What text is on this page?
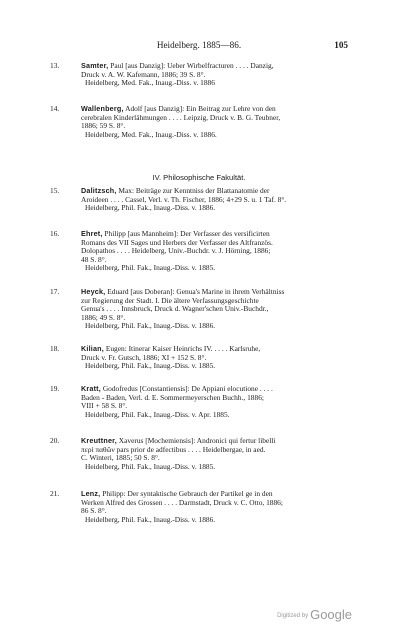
Heidelberg. 1885—86.	105
13.	Samter, Paul [aus Danzig]: Ueber Wirbelfracturen . . . . Danzig,
Druck v. A. W. Kafemann, 1886; 39 S. 8°.
Heidelberg, Med. Fak., Inaug.-Diss. v. 1886
14.	Wallenberg, Adolf [aus Danzig]: Ein Beitrag zur Lehre von den
cerebralen Kinderlähmungen . . . . Leipzig, Druck v. B. G. Teubner,
1886; 59 S. 8°.
Heidelberg, Med. Fak., Inaug.-Diss. v. 1886.
IV. Philosophische Fakultät.
15.	Dalitzsch, Max: Beiträge zur Kenntniss der Blattanatomie der
Aroideen . . . . Cassel, Verl. v. Th. Fischer, 1886; 4+29 S. u. 1 Taf. 8°.
Heidelberg, Phil. Fak., Inaug.-Diss. v. 1886.
16.	Ehret, Philipp [aus Mannheim]: Der Verfasser des versificirten
Romans des VII Sages und Herbers der Verfasser des Altfranzös.
Dolopathos . . . . Heidelberg, Univ.-Buchdr. v. J. Hörning, 1886;
48 S. 8°.
Heidelberg, Phil. Fak., Inaug.-Diss. v. 1885.
17.	Heyck, Eduard [aus Doberan]: Genua's Marine in ihrem Verhältniss
zur Regierung der Stadt. I. Die ältere Verfassungsgeschichte
Genua's . . . . Innsbruck, Druck d. Wagner'schen Univ.-Buchdr.,
1886; 49 S. 8°.
Heidelberg, Phil. Fak., Inaug.-Diss. v. 1886.
18.	Kilian, Eugen: Itinerar Kaiser Heinrichs IV. . . . . Karlsruhe,
Druck v. Fr. Gutsch, 1886; XI + 152 S. 8°.
Heidelberg, Phil. Fak., Inaug.-Diss. v. 1885.
19.	Kratt, Godofredus [Constantiensis]: De Appiani elocutione . . . .
Baden - Baden, Verl. d. E. Sommermeyerschen Buchh., 1886;
VIII + 58 S. 8°.
Heidelberg, Phil. Fak., Inaug.-Diss. v. Apr. 1885.
20.	Kreuttner, Xaverus [Mochemiensis]: Andronici qui fertur libelli
περὶ παθῶν pars prior de adfectibus . . . . Heidelbergae, in aed.
C. Winteri, 1885; 50 S. 8°.
Heidelberg, Phil. Fak., Inaug.-Diss. v. 1885.
21.	Lenz, Philipp: Der syntaktische Gebrauch der Partikel ge in den
Werken Alfred des Grossen . . . . Darmstadt, Druck v. C. Otto, 1886;
86 S. 8°.
Heidelberg, Phil. Fak., Inaug.-Diss. v. 1886.
Digitized by Google
